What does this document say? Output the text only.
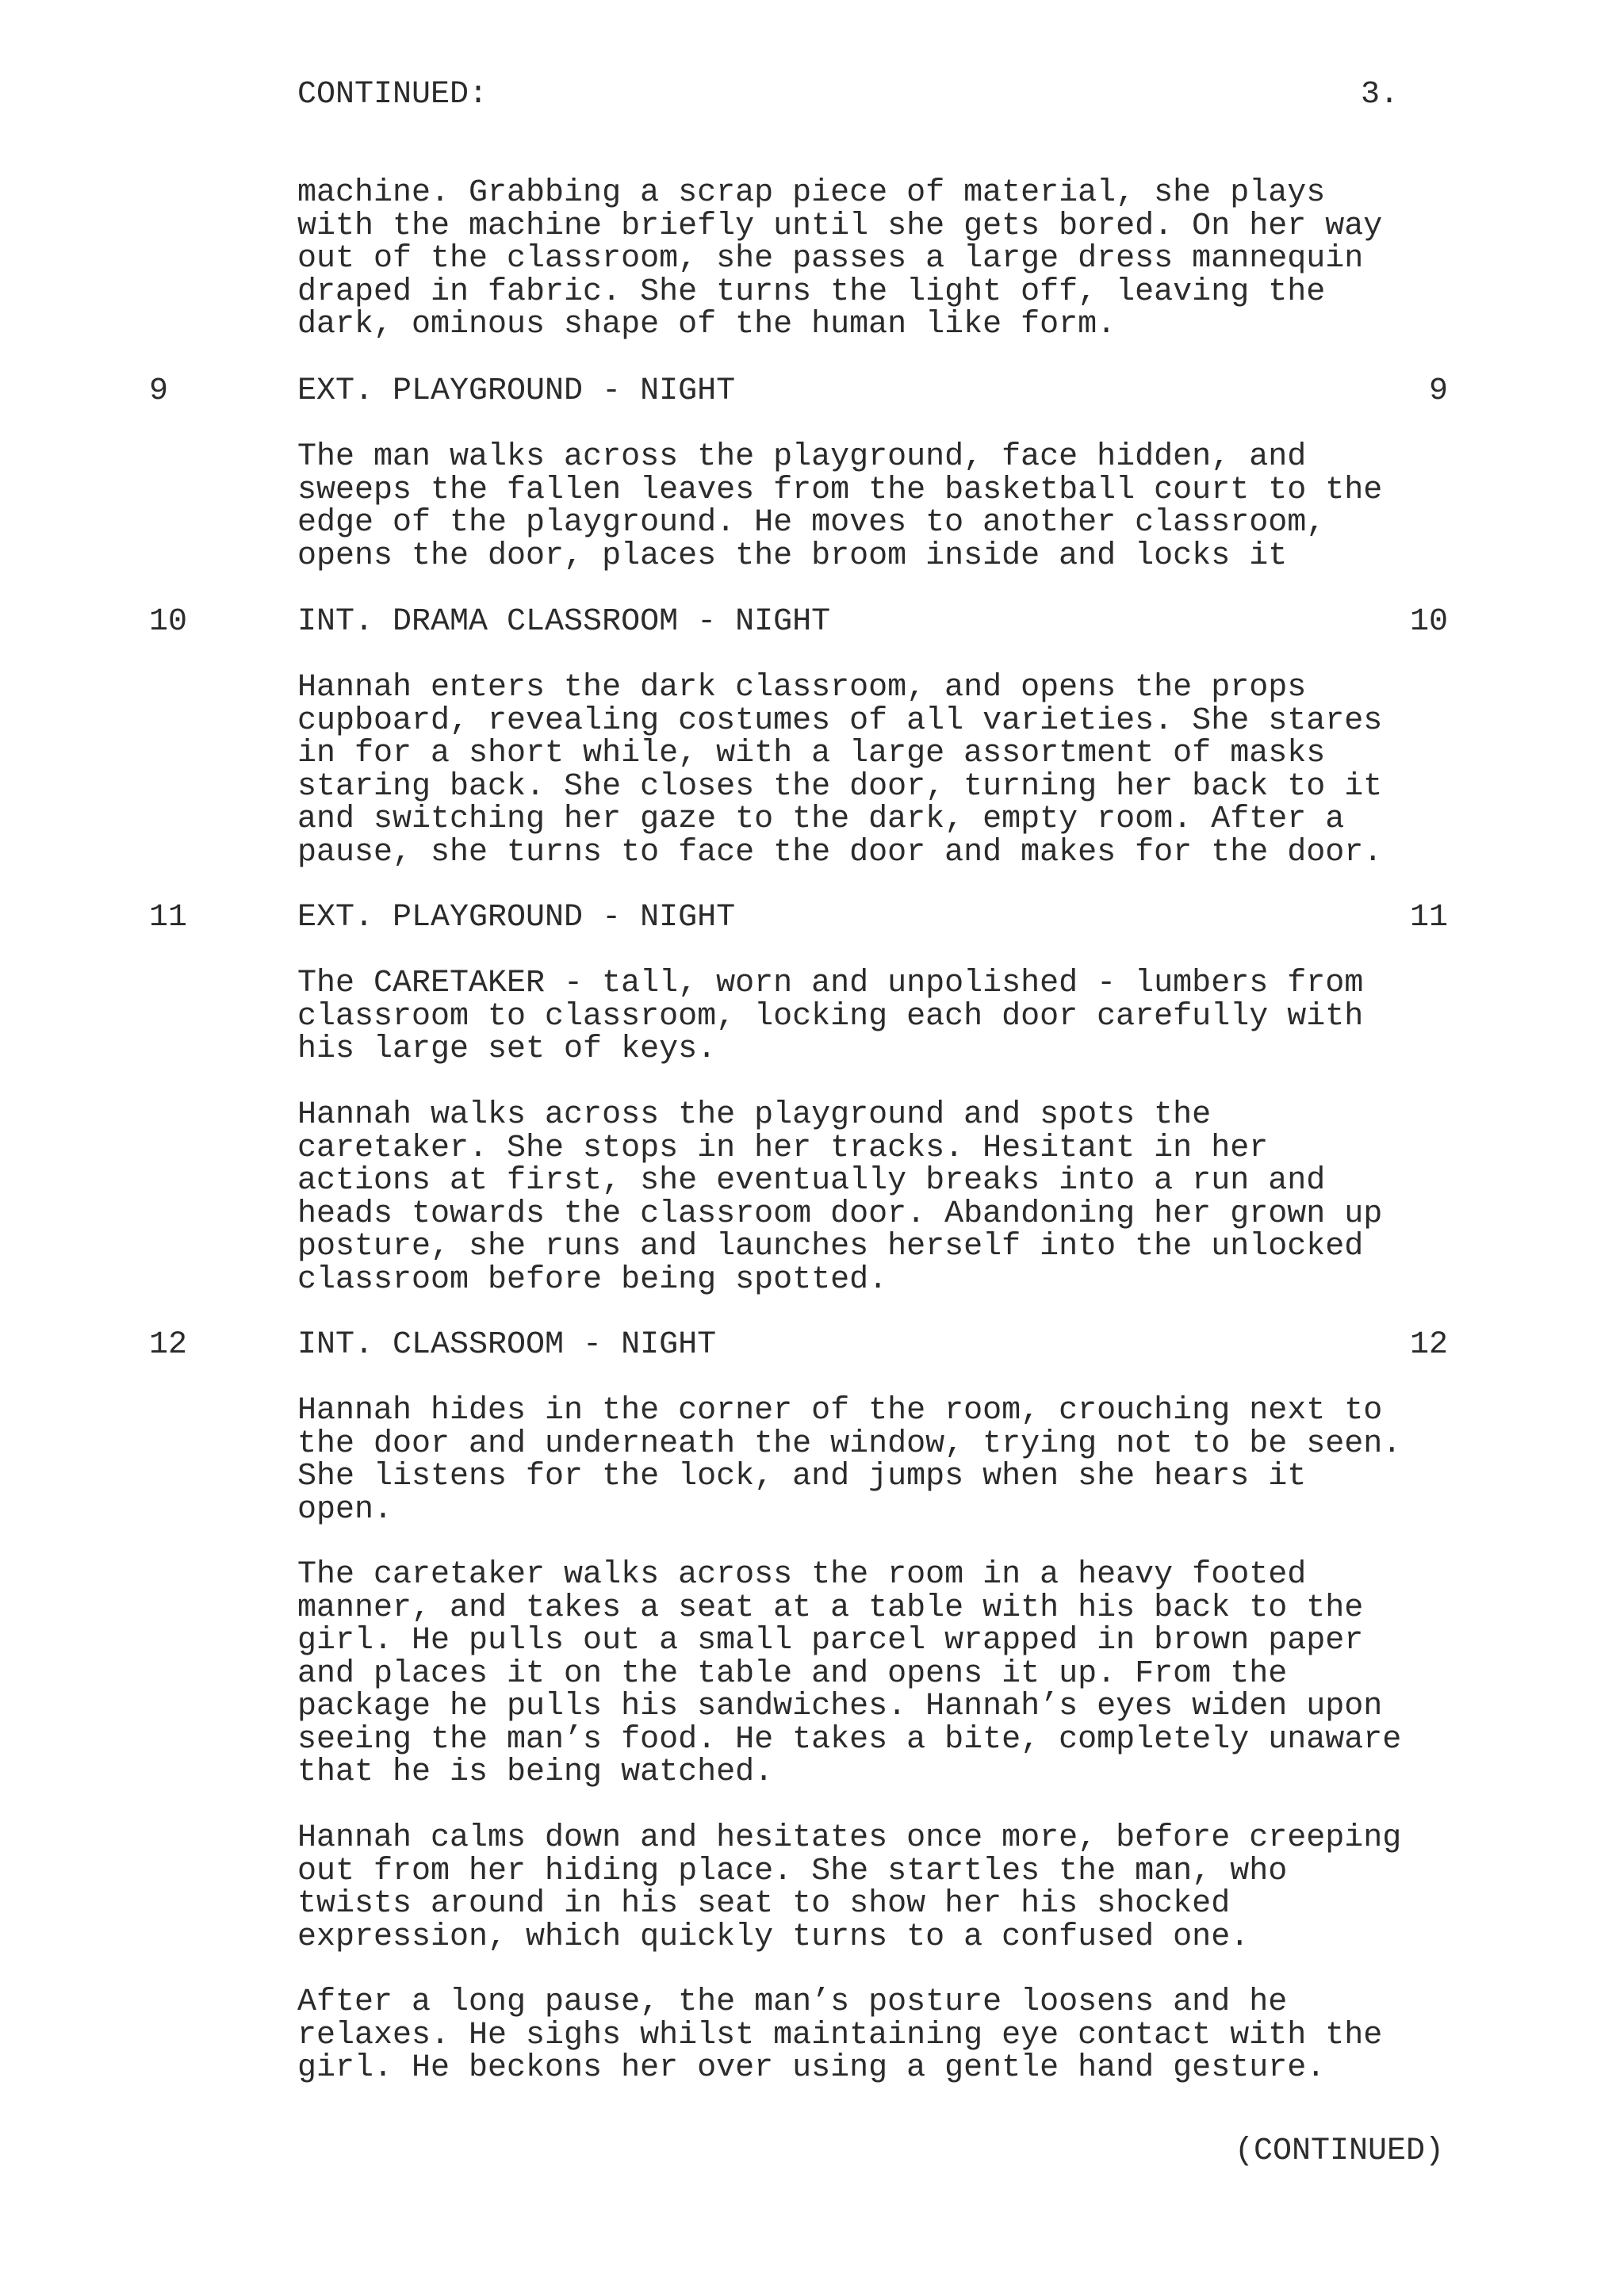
CONTINUED:	3.
machine. Grabbing a scrap piece of material, she plays
with the machine briefly until she gets bored. On her way
out of the classroom, she passes a large dress mannequin
draped in fabric. She turns the light off, leaving the
dark, ominous shape of the human like form.
9	EXT. PLAYGROUND - NIGHT	9
The man walks across the playground, face hidden, and
sweeps the fallen leaves from the basketball court to the
edge of the playground. He moves to another classroom,
opens the door, places the broom inside and locks it
10	INT. DRAMA CLASSROOM - NIGHT	10
Hannah enters the dark classroom, and opens the props
cupboard, revealing costumes of all varieties. She stares
in for a short while, with a large assortment of masks
staring back. She closes the door, turning her back to it
and switching her gaze to the dark, empty room. After a
pause, she turns to face the door and makes for the door.
11	EXT. PLAYGROUND - NIGHT	11
The CARETAKER - tall, worn and unpolished - lumbers from
classroom to classroom, locking each door carefully with
his large set of keys.
Hannah walks across the playground and spots the
caretaker. She stops in her tracks. Hesitant in her
actions at first, she eventually breaks into a run and
heads towards the classroom door. Abandoning her grown up
posture, she runs and launches herself into the unlocked
classroom before being spotted.
12	INT. CLASSROOM - NIGHT	12
Hannah hides in the corner of the room, crouching next to
the door and underneath the window, trying not to be seen.
She listens for the lock, and jumps when she hears it
open.
The caretaker walks across the room in a heavy footed
manner, and takes a seat at a table with his back to the
girl. He pulls out a small parcel wrapped in brown paper
and places it on the table and opens it up. From the
package he pulls his sandwiches. Hannah’s eyes widen upon
seeing the man’s food. He takes a bite, completely unaware
that he is being watched.
Hannah calms down and hesitates once more, before creeping
out from her hiding place. She startles the man, who
twists around in his seat to show her his shocked
expression, which quickly turns to a confused one.
After a long pause, the man’s posture loosens and he
relaxes. He sighs whilst maintaining eye contact with the
girl. He beckons her over using a gentle hand gesture.
(CONTINUED)
